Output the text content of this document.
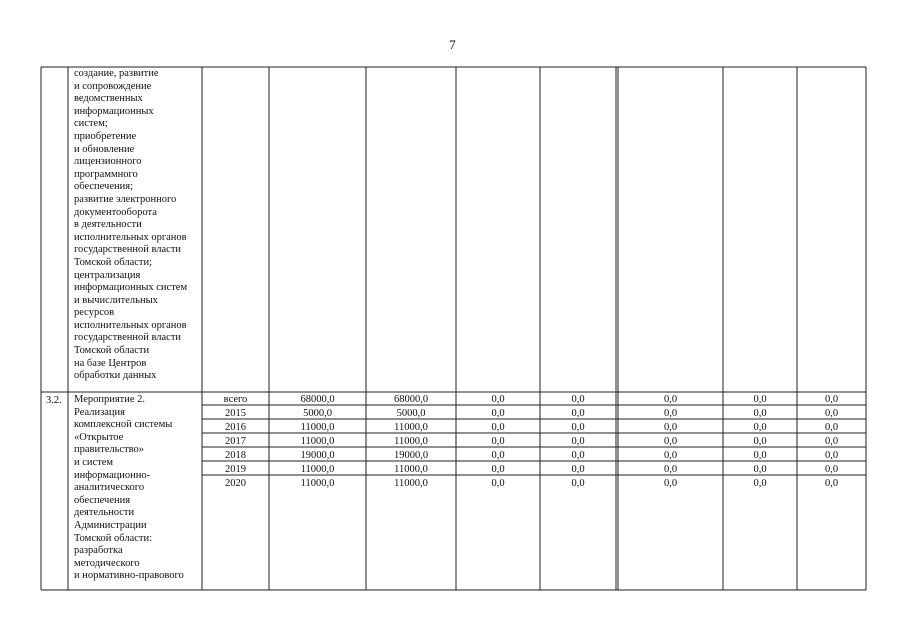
7
создание, развитие
и сопровождение
ведомственных
информационных
систем;
приобретение
и обновление
лицензионного
программного
обеспечения;
развитие электронного
документооборота
в деятельности
исполнительных органов
государственной власти
Томской области;
централизация
информационных систем
и вычислительных
ресурсов
исполнительных органов
государственной власти
Томской области
на базе Центров
обработки данных
3.2. Мероприятие 2.
Реализация
комплексной системы
«Открытое
правительство»
и систем
информационно-
аналитического
обеспечения
деятельности
Администрации
Томской области:
разработка
методического
и нормативно-правового
всего	68000,0	68000,0	0,0	0,0	0,0	0,0	0,0
2015	5000,0	5000,0	0,0	0,0	0,0	0,0	0,0
2016	11000,0	11000,0	0,0	0,0	0,0	0,0	0,0
2017	11000,0	11000,0	0,0	0,0	0,0	0,0	0,0
2018	19000,0	19000,0	0,0	0,0	0,0	0,0	0,0
2019	11000,0	11000,0	0,0	0,0	0,0	0,0	0,0
2020	11000,0	11000,0	0,0	0,0	0,0	0,0	0,0
